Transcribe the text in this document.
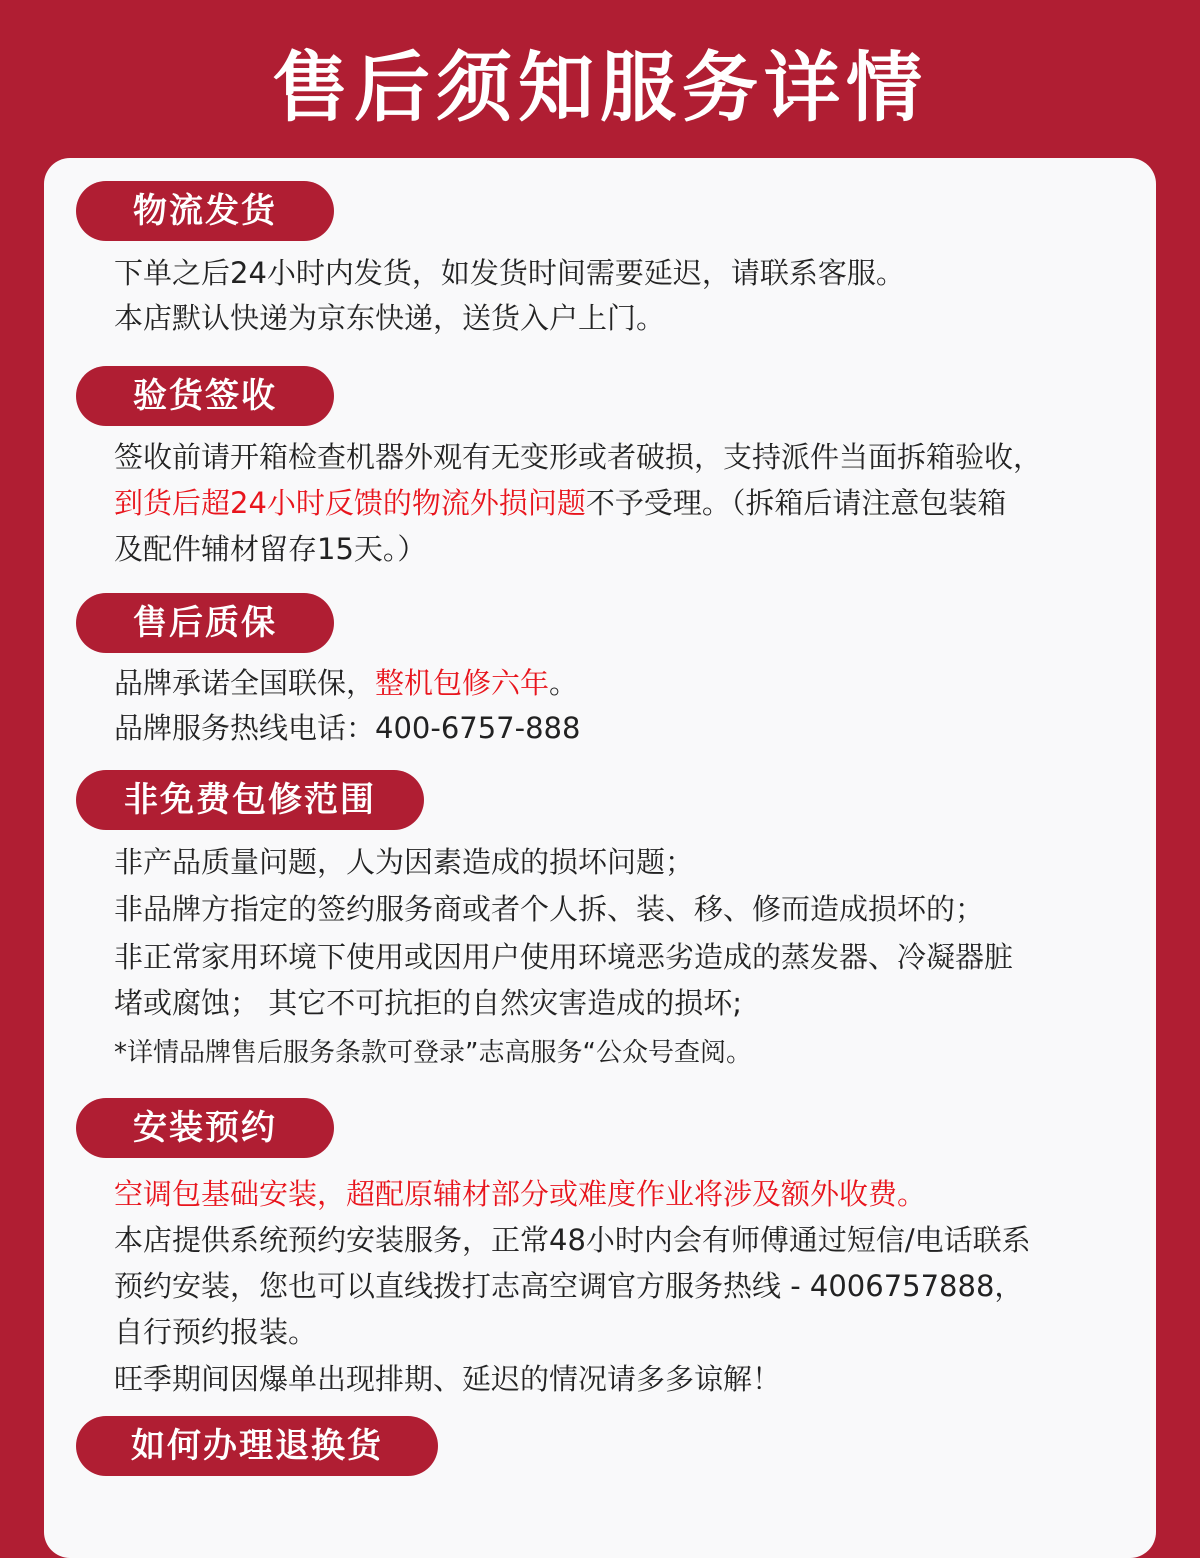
售后须知服务详情
物流发货
下单之后24小时内发货，如发货时间需要延迟，请联系客服。
本店默认快递为京东快递，送货入户上门。
验货签收
签收前请开箱检查机器外观有无变形或者破损，支持派件当面拆箱验收，
到货后超24小时反馈的物流外损问题不予受理。（拆箱后请注意包装箱
及配件辅材留存15天。）
售后质保
品牌承诺全国联保，整机包修六年。
品牌服务热线电话：400-6757-888
非免费包修范围
非产品质量问题，人为因素造成的损坏问题；
非品牌方指定的签约服务商或者个人拆、装、移、修而造成损坏的；
非正常家用环境下使用或因用户使用环境恶劣造成的蒸发器、冷凝器脏
堵或腐蚀； 其它不可抗拒的自然灾害造成的损坏;
*详情品牌售后服务条款可登录”志高服务“公众号查阅。
安装预约
空调包基础安装，超配原辅材部分或难度作业将涉及额外收费。
本店提供系统预约安装服务，正常48小时内会有师傅通过短信/电话联系
预约安装，您也可以直线拨打志高空调官方服务热线 - 4006757888，
自行预约报装。
旺季期间因爆单出现排期、延迟的情况请多多谅解！
如何办理退换货
